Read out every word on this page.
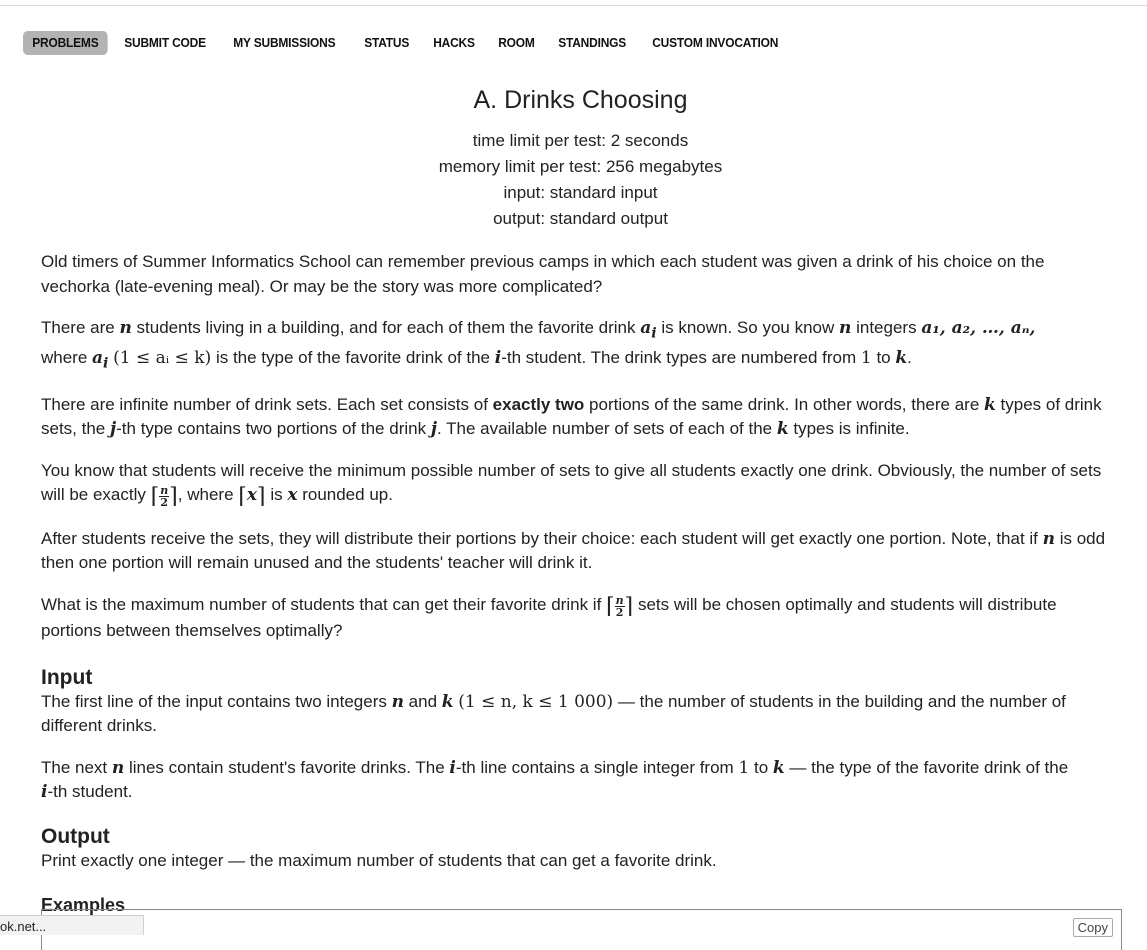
PROBLEMS	SUBMIT CODE	MY SUBMISSIONS	STATUS	HACKS	ROOM	STANDINGS	CUSTOM INVOCATION
A. Drinks Choosing
time limit per test: 2 seconds
memory limit per test: 256 megabytes
input: standard input
output: standard output

Old timers of Summer Informatics School can remember previous camps in which each student was given a drink of his choice on the vechorka (late-evening meal). Or may be the story was more complicated?

There are n students living in a building, and for each of them the favorite drink $a_i$ is known. So you know n integers a₁, a₂, …, aₙ,
where $a_i$ (1 ≤ aᵢ ≤ k) is the type of the favorite drink of the i-th student. The drink types are numbered from 1 to k.

There are infinite number of drink sets. Each set consists of exactly two portions of the same drink. In other words, there are k types of drink sets, the j-th type contains two portions of the drink j. The available number of sets of each of the k types is infinite.

You know that students will receive the minimum possible number of sets to give all students exactly one drink. Obviously, the number of sets will be exactly ⌈ $\frac{n}{2}$ ⌉, where ⌈x⌉ is x rounded up.

After students receive the sets, they will distribute their portions by their choice: each student will get exactly one portion. Note, that if n is odd then one portion will remain unused and the students' teacher will drink it.

What is the maximum number of students that can get their favorite drink if ⌈ $\frac{n}{2}$ ⌉ sets will be chosen optimally and students will distribute portions between themselves optimally?

Input

The first line of the input contains two integers n and k (1 ≤ n, k ≤ 1 000) — the number of students in the building and the number of different drinks.

The next n lines contain student's favorite drinks. The i-th line contains a single integer from 1 to k — the type of the favorite drink of the
i-th student.

Output

Print exactly one integer — the maximum number of students that can get a favorite drink.

Examples
Copy
ok.net...
